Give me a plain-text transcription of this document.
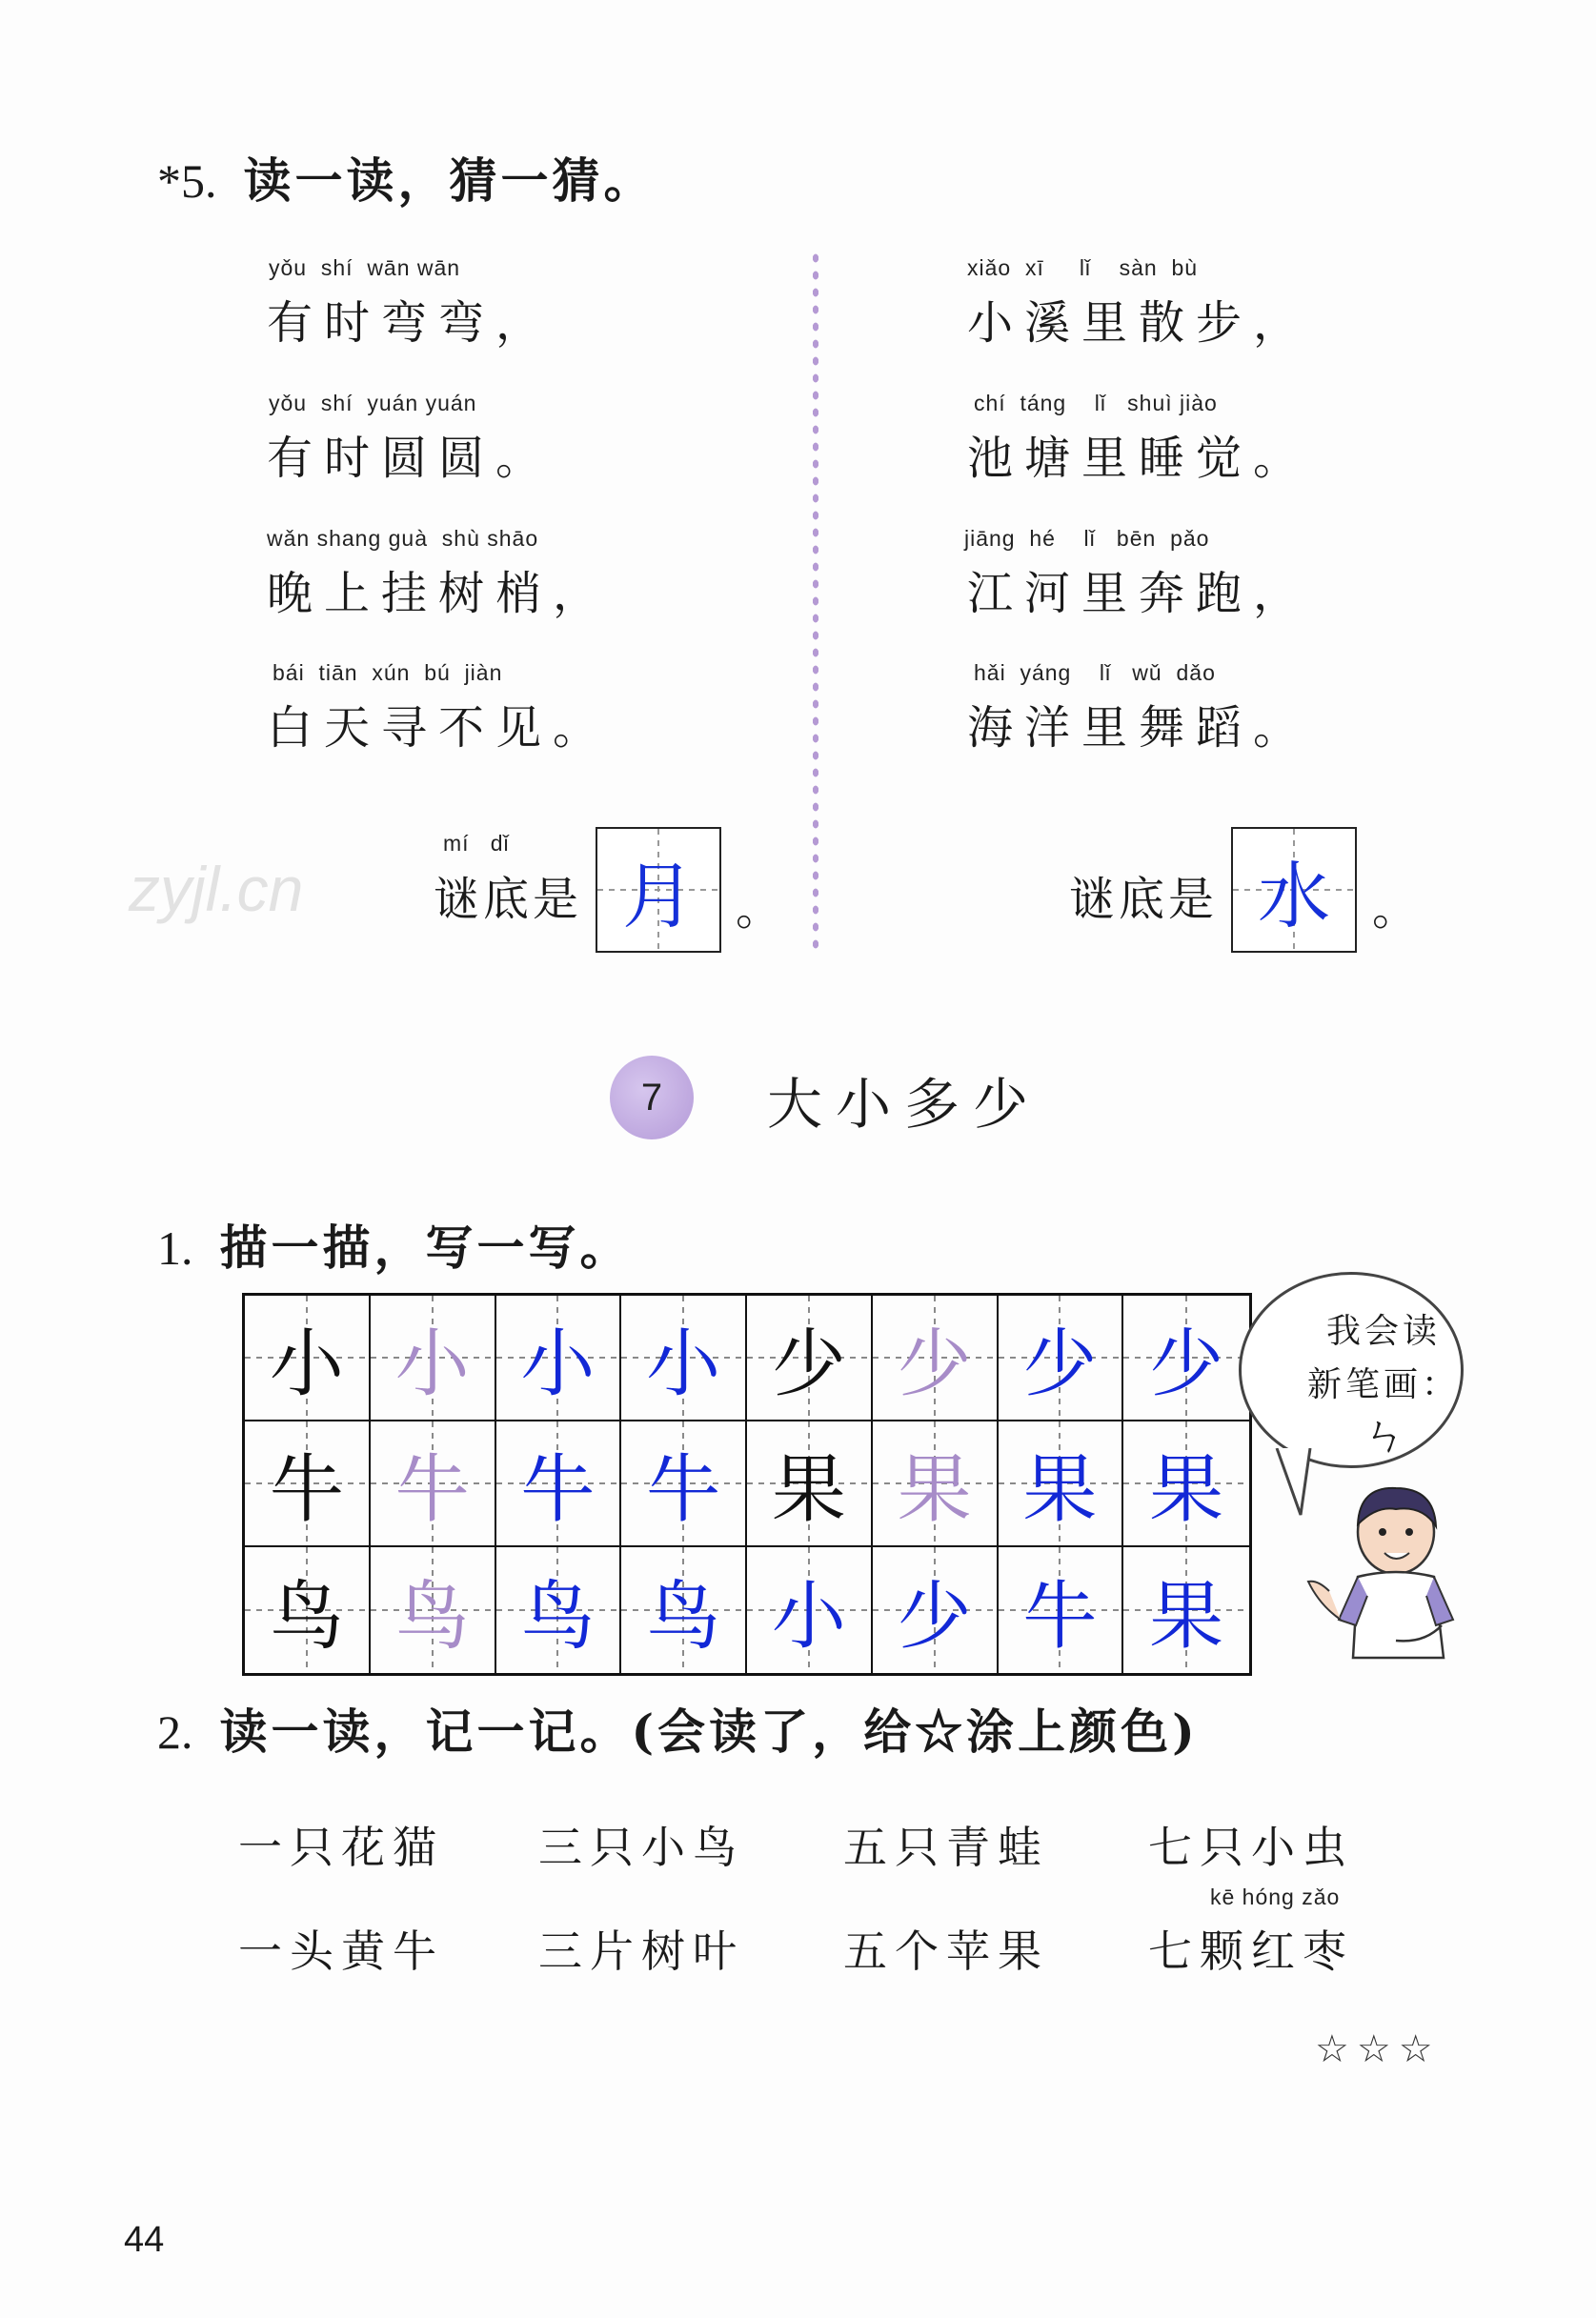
*5. 读一读，猜一猜。
yǒu  shí  wān wān
有时弯弯，
yǒu  shí  yuán yuán
有时圆圆。
wǎn shang guà  shù shāo
晚上挂树梢，
bái  tiān  xún  bú  jiàn
白天寻不见。
xiǎo  xī     lǐ    sàn  bù
小溪里散步，
chí  táng    lǐ   shuì jiào
池塘里睡觉。
jiāng  hé    lǐ   bēn  pǎo
江河里奔跑，
hǎi  yáng    lǐ   wǔ  dǎo
海洋里舞蹈。
zyjl.cn
mí   dǐ
谜底是 月 。	谜底是 水 。
7 大小多少
1. 描一描，写一写。
小 小 小 小 少 少 少 少
牛 牛 牛 牛 果 果 果 果
鸟 鸟 鸟 鸟 小 少 牛 果
我会读
新笔画：
ㄣ
2. 读一读，记一记。(会读了，给☆涂上颜色)
一只花猫 三只小鸟 五只青蛙 七只小虫
kē hóng zǎo
一头黄牛 三片树叶 五个苹果 七颗红枣
☆☆☆
44
